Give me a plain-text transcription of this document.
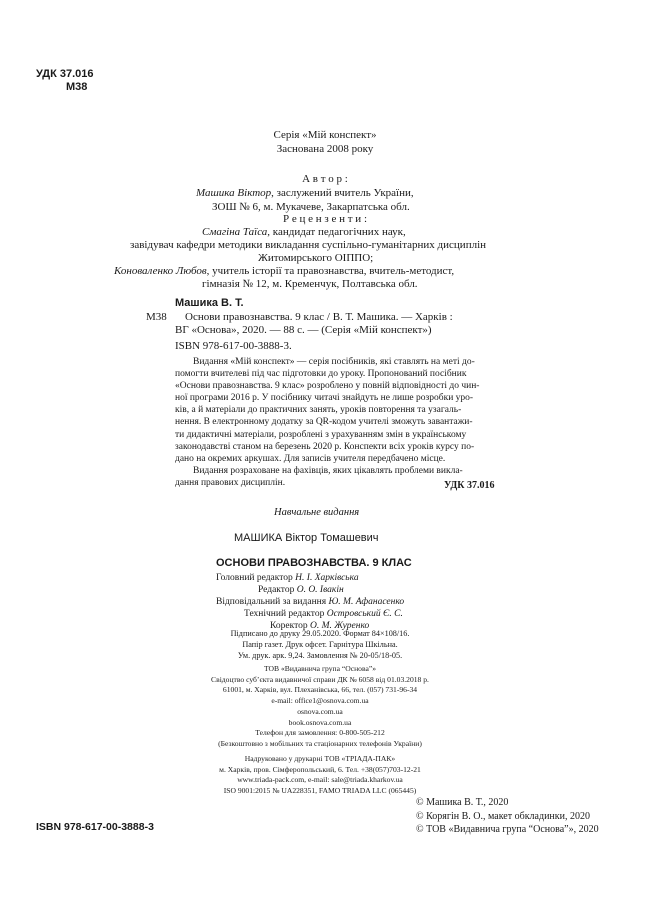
УДК 37.016
М38
Серія «Мій конспект»
Заснована 2008 року
А в т о р :
Машика Віктор, заслужений вчитель України,
ЗОШ № 6, м. Мукачеве, Закарпатська обл.
Р е ц е н з е н т и :
Смагіна Таїса, кандидат педагогічних наук,
завідувач кафедри методики викладання суспільно-гуманітарних дисциплін
Житомирського ОІППО;
Коноваленко Любов, учитель історії та правознавства, вчитель-методист,
гімназія № 12, м. Кременчук, Полтавська обл.
Машика В. Т.
М38	Основи правознавства. 9 клас / В. Т. Машика. — Харків :
ВГ «Основа», 2020. — 88 с. — (Серія «Мій конспект»)
ISBN 978-617-00-3888-3.
Видання «Мій конспект» — серія посібників, які ставлять на меті до-
помогти вчителеві під час підготовки до уроку. Пропонований посібник
«Основи правознавства. 9 клас» розроблено у повній відповідності до чин-
ної програми 2016 р. У посібнику читачі знайдуть не лише розробки уро-
ків, а й матеріали до практичних занять, уроків повторення та узагаль-
нення. В електронному додатку за QR-кодом учителі зможуть завантажи-
ти дидактичні матеріали, розроблені з урахуванням змін в українському
законодавстві станом на березень 2020 р. Конспекти всіх уроків курсу по-
дано на окремих аркушах. Для записів учителя передбачено місце.
Видання розраховане на фахівців, яких цікавлять проблеми викла-
дання правових дисциплін.	УДК 37.016
Навчальне видання
МАШИКА Віктор Томашевич
ОСНОВИ ПРАВОЗНАВСТВА. 9 КЛАС
Головний редактор Н. І. Харківська
Редактор О. О. Івакін
Відповідальний за видання Ю. М. Афанасенко
Технічний редактор Островський Є. С.
Коректор О. М. Журенко
Підписано до друку 29.05.2020. Формат 84×108/16.
Папір газет. Друк офсет. Гарнітура Шкільна.
Ум. друк. арк. 9,24. Замовлення № 20-05/18-05.
ТОВ «Видавнича група “Основа”»
Свідоцтво суб’єкта видавничої справи ДК № 6058 від 01.03.2018 р.
61001, м. Харків, вул. Плеханівська, 66, тел. (057) 731-96-34
e-mail: office1@osnova.com.ua
osnova.com.ua
book.osnova.com.ua
Телефон для замовлення: 0-800-505-212
(Безкоштовно з мобільних та стаціонарних телефонів України)
Надруковано у друкарні ТОВ «ТРІАДА-ПАК»
м. Харків, пров. Сімферопольський, 6. Тел. +38(057)703-12-21
www.triada-pack.com, e-mail: sale@triada.kharkov.ua
ISO 9001:2015 № UA228351, FAMO TRIADA LLC (065445)
ISBN 978-617-00-3888-3
© Машика В. Т., 2020
© Корягін В. О., макет обкладинки, 2020
© ТОВ «Видавнича група “Основа”», 2020
